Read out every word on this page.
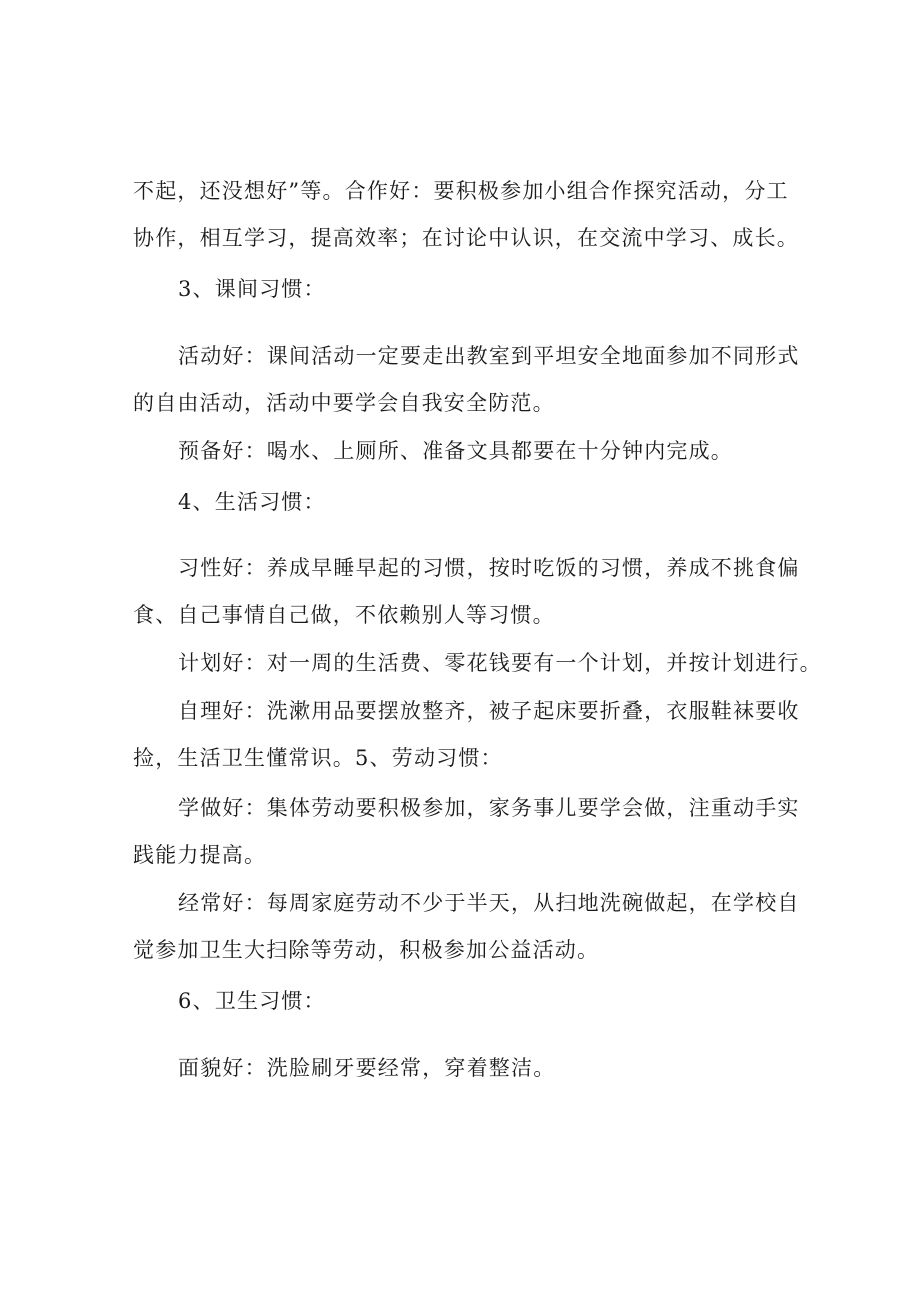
不起，还没想好”等。合作好：要积极参加小组合作探究活动，分工
协作，相互学习，提高效率；在讨论中认识，在交流中学习、成长。
3、课间习惯：
活动好：课间活动一定要走出教室到平坦安全地面参加不同形式
的自由活动，活动中要学会自我安全防范。
预备好：喝水、上厕所、准备文具都要在十分钟内完成。
4、生活习惯：
习性好：养成早睡早起的习惯，按时吃饭的习惯，养成不挑食偏
食、自己事情自己做，不依赖别人等习惯。
计划好：对一周的生活费、零花钱要有一个计划，并按计划进行。
自理好：洗漱用品要摆放整齐，被子起床要折叠，衣服鞋袜要收
捡，生活卫生懂常识。5、劳动习惯：
学做好：集体劳动要积极参加，家务事儿要学会做，注重动手实
践能力提高。
经常好：每周家庭劳动不少于半天，从扫地洗碗做起，在学校自
觉参加卫生大扫除等劳动，积极参加公益活动。
6、卫生习惯：
面貌好：洗脸刷牙要经常，穿着整洁。
